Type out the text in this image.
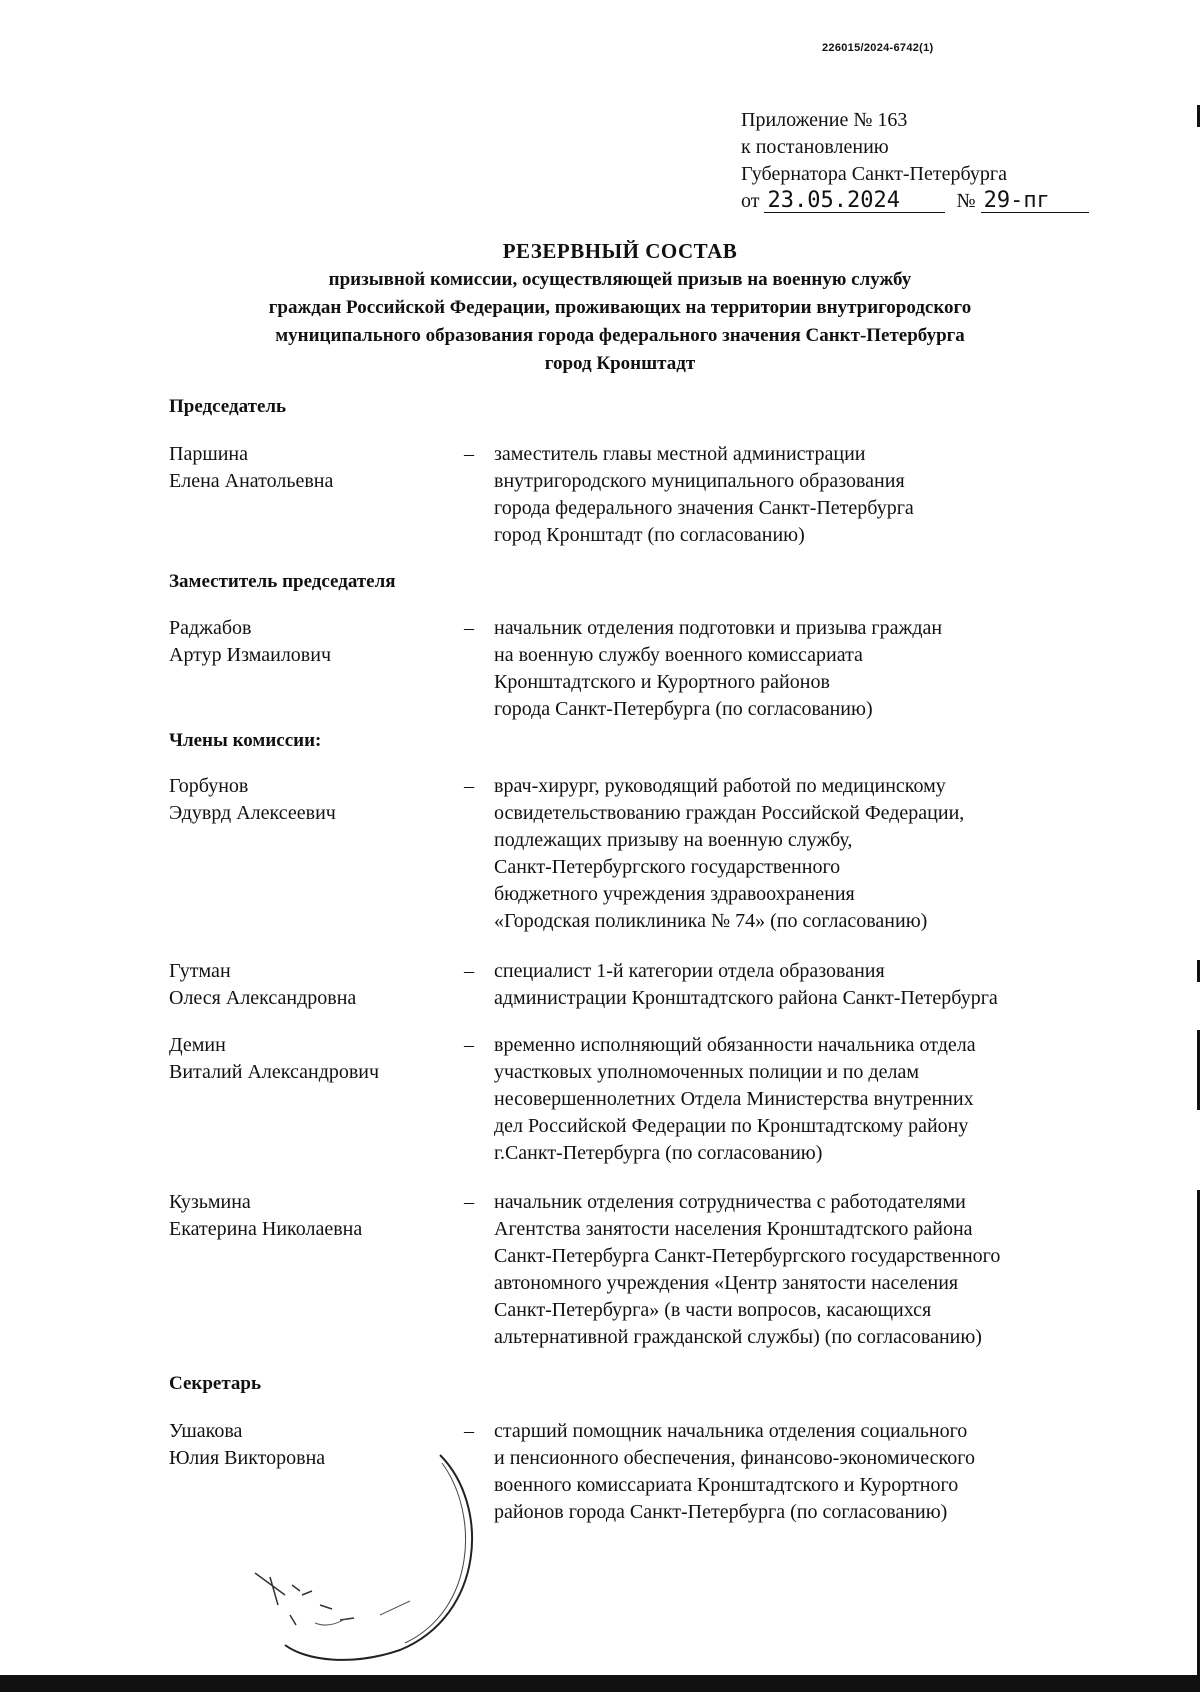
226015/2024-6742(1)
Приложение № 163
к постановлению
Губернатора Санкт-Петербурга
от 23.05.2024	№ 29-пг
РЕЗЕРВНЫЙ СОСТАВ
призывной комиссии, осуществляющей призыв на военную службу
граждан Российской Федерации, проживающих на территории внутригородского
муниципального образования города федерального значения Санкт-Петербурга
город Кронштадт
Председатель
Паршина
Елена Анатольевна
– заместитель главы местной администрации
внутригородского муниципального образования
города федерального значения Санкт-Петербурга
город Кронштадт (по согласованию)
Заместитель председателя
Раджабов
Артур Измаилович
– начальник отделения подготовки и призыва граждан
на военную службу военного комиссариата
Кронштадтского и Курортного районов
города Санкт-Петербурга (по согласованию)
Члены комиссии:
Горбунов
Эдуврд Алексеевич
– врач-хирург, руководящий работой по медицинскому
освидетельствованию граждан Российской Федерации,
подлежащих призыву на военную службу,
Санкт-Петербургского государственного
бюджетного учреждения здравоохранения
«Городская поликлиника № 74» (по согласованию)
Гутман
Олеся Александровна
– специалист 1-й категории отдела образования
администрации Кронштадтского района Санкт-Петербурга
Демин
Виталий Александрович
– временно исполняющий обязанности начальника отдела
участковых уполномоченных полиции и по делам
несовершеннолетних Отдела Министерства внутренних
дел Российской Федерации по Кронштадтскому району
г.Санкт-Петербурга (по согласованию)
Кузьмина
Екатерина Николаевна
– начальник отделения сотрудничества с работодателями
Агентства занятости населения Кронштадтского района
Санкт-Петербурга Санкт-Петербургского государственного
автономного учреждения «Центр занятости населения
Санкт-Петербурга» (в части вопросов, касающихся
альтернативной гражданской службы) (по согласованию)
Секретарь
Ушакова
Юлия Викторовна
– старший помощник начальника отделения социального
и пенсионного обеспечения, финансово-экономического
военного комиссариата Кронштадтского и Курортного
районов города Санкт-Петербурга (по согласованию)
